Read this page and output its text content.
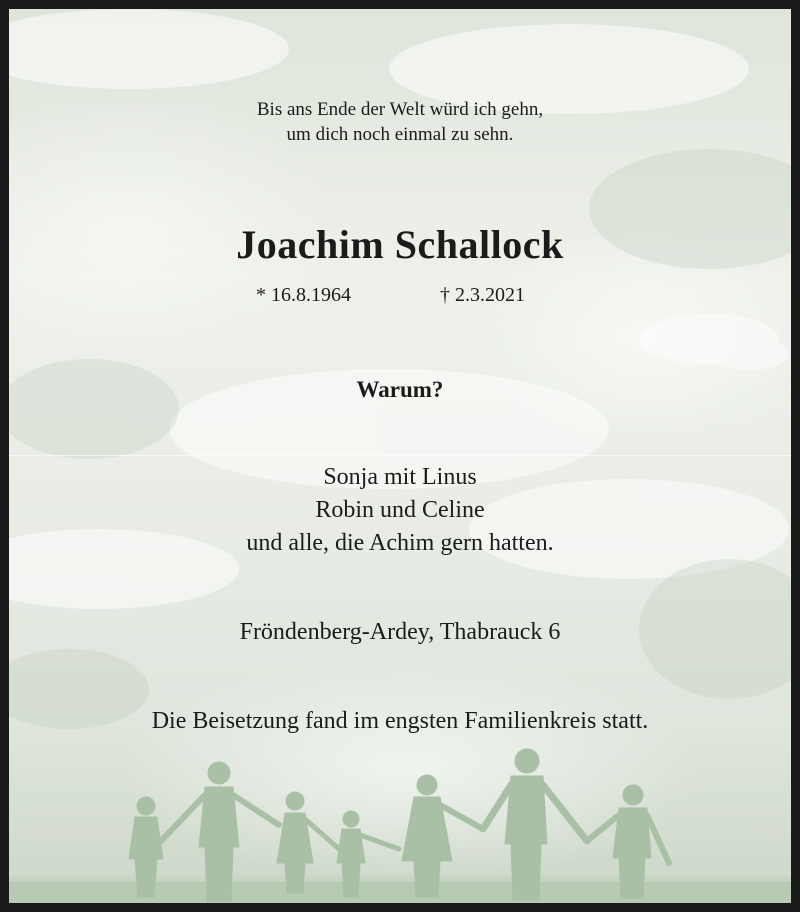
Bis ans Ende der Welt würd ich gehn,
um dich noch einmal zu sehn.
Joachim Schallock
* 16.8.1964	† 2.3.2021
Warum?
Sonja mit Linus
Robin und Celine
und alle, die Achim gern hatten.
Fröndenberg-Ardey, Thabrauck 6
Die Beisetzung fand im engsten Familienkreis statt.
